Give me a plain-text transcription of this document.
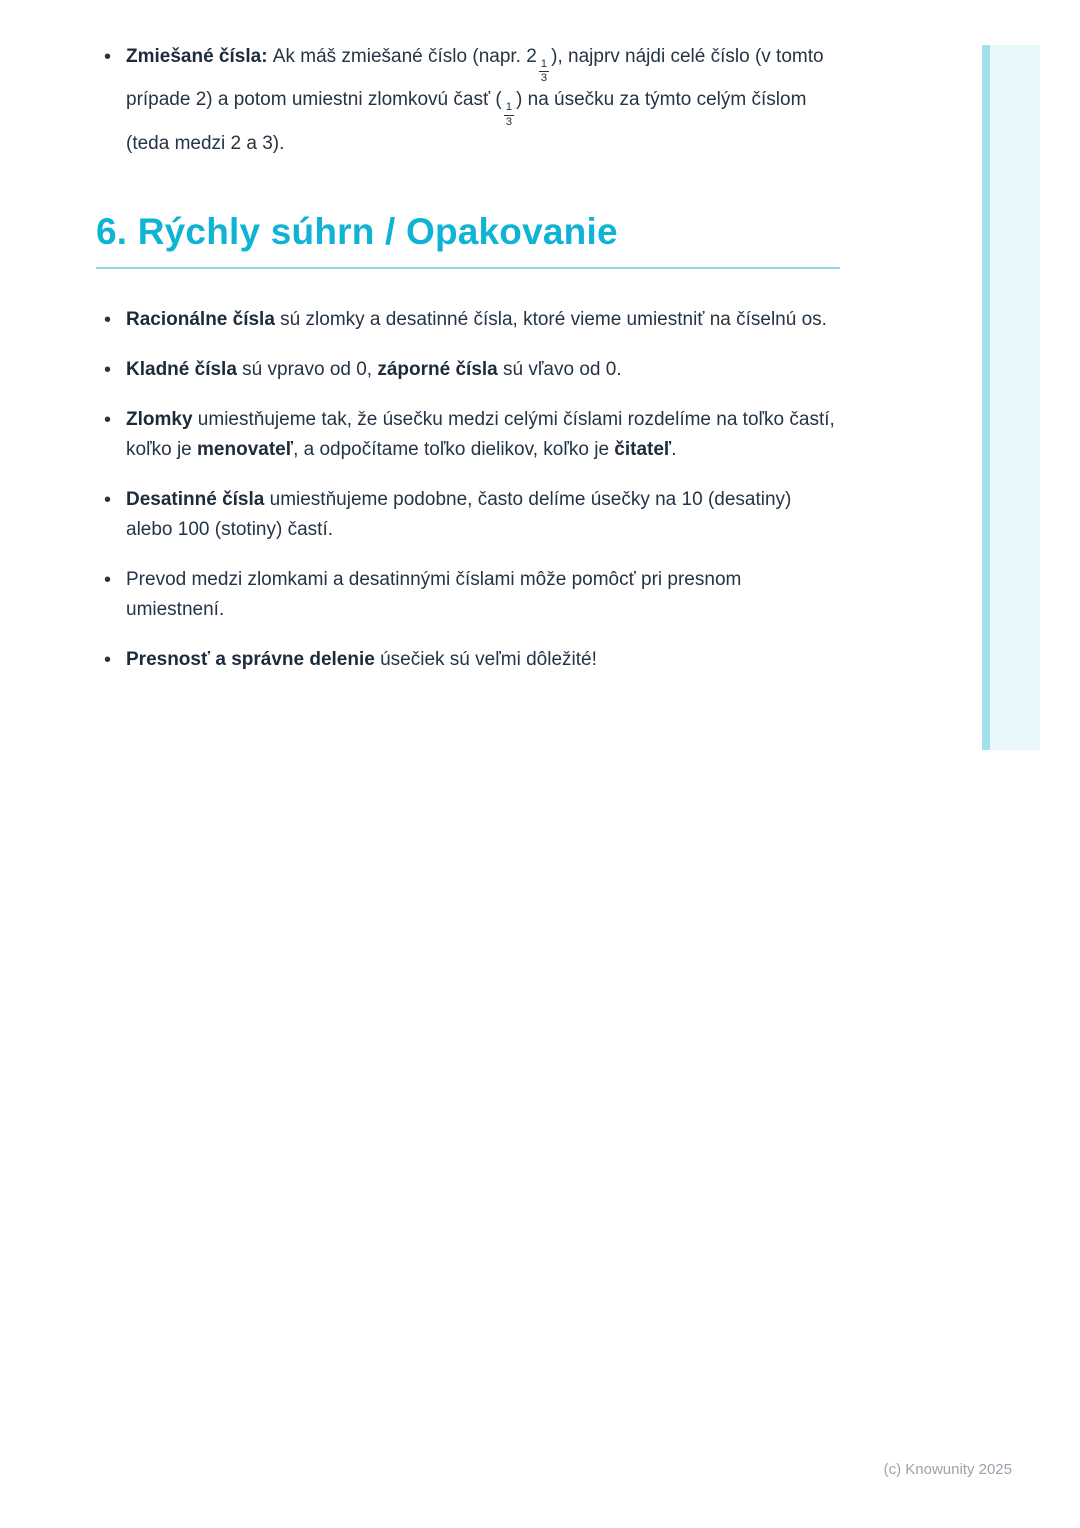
• Zmiešané čísla: Ak máš zmiešané číslo (napr. 2
$\frac{1}{3}$
), najprv nájdi celé číslo (v tomto prípade 2) a potom umiestni zlomkovú časť (
$\frac{1}{3}$
) na úsečku za týmto celým číslom (teda medzi 2 a 3).
6. Rýchly súhrn / Opakovanie
• Racionálne čísla sú zlomky a desatinné čísla, ktoré vieme umiestniť na číselnú os.
• Kladné čísla sú vpravo od 0, záporné čísla sú vľavo od 0.
• Zlomky umiestňujeme tak, že úsečku medzi celými číslami rozdelíme na toľko častí, koľko je menovateľ, a odpočítame toľko dielikov, koľko je čitateľ.
• Desatinné čísla umiestňujeme podobne, často delíme úsečky na 10 (desatiny) alebo 100 (stotiny) častí.
• Prevod medzi zlomkami a desatinnými číslami môže pomôcť pri presnom umiestnení.
• Presnosť a správne delenie úsečiek sú veľmi dôležité!
(c) Knowunity 2025
